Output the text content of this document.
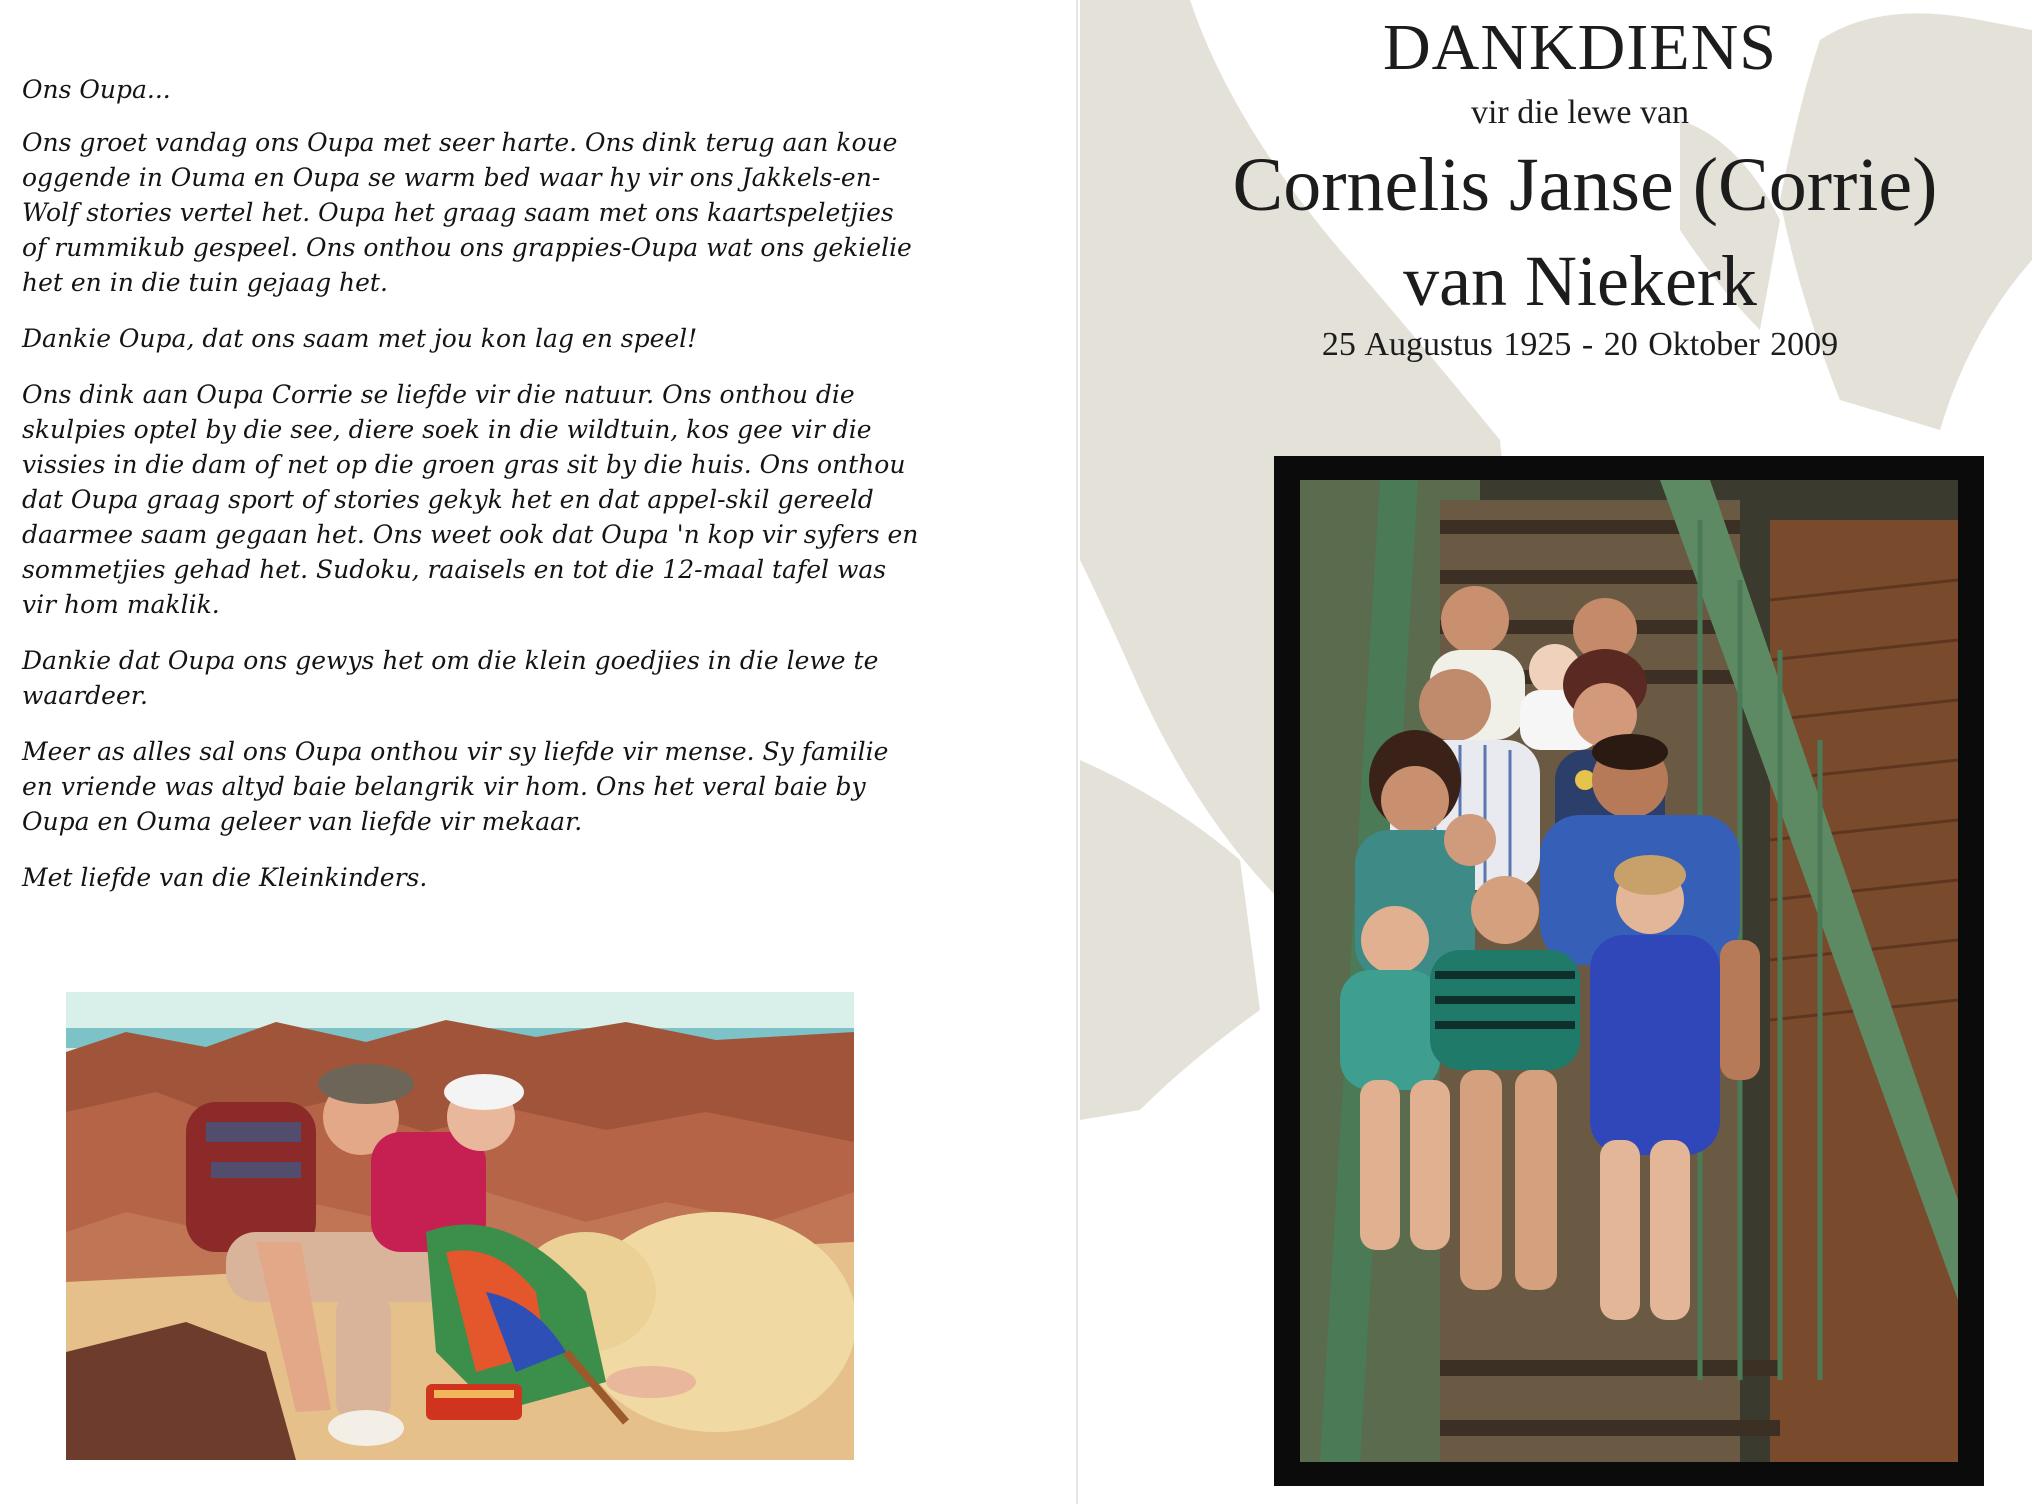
Ons Oupa...

Ons groet vandag ons Oupa met seer harte. Ons dink terug aan koue oggende in Ouma en Oupa se warm bed waar hy vir ons Jakkels-en-Wolf stories vertel het. Oupa het graag saam met ons kaartspeletjies of rummikub gespeel. Ons onthou ons grappies-Oupa wat ons gekielie het en in die tuin gejaag het.

Dankie Oupa, dat ons saam met jou kon lag en speel!

Ons dink aan Oupa Corrie se liefde vir die natuur. Ons onthou die skulpies optel by die see, diere soek in die wildtuin, kos gee vir die vissies in die dam of net op die groen gras sit by die huis. Ons onthou dat Oupa graag sport of stories gekyk het en dat appel-skil gereeld daarmee saam gegaan het. Ons weet ook dat Oupa 'n kop vir syfers en sommetjies gehad het. Sudoku, raaisels en tot die 12-maal tafel was vir hom maklik.

Dankie dat Oupa ons gewys het om die klein goedjies in die lewe te waardeer.

Meer as alles sal ons Oupa onthou vir sy liefde vir mense. Sy familie en vriende was altyd baie belangrik vir hom. Ons het veral baie by Oupa en Ouma geleer van liefde vir mekaar.

Met liefde van die Kleinkinders.

DANKDIENS
vir die lewe van
Cornelis Janse (Corrie)
van Niekerk
25 Augustus 1925 - 20 Oktober 2009
